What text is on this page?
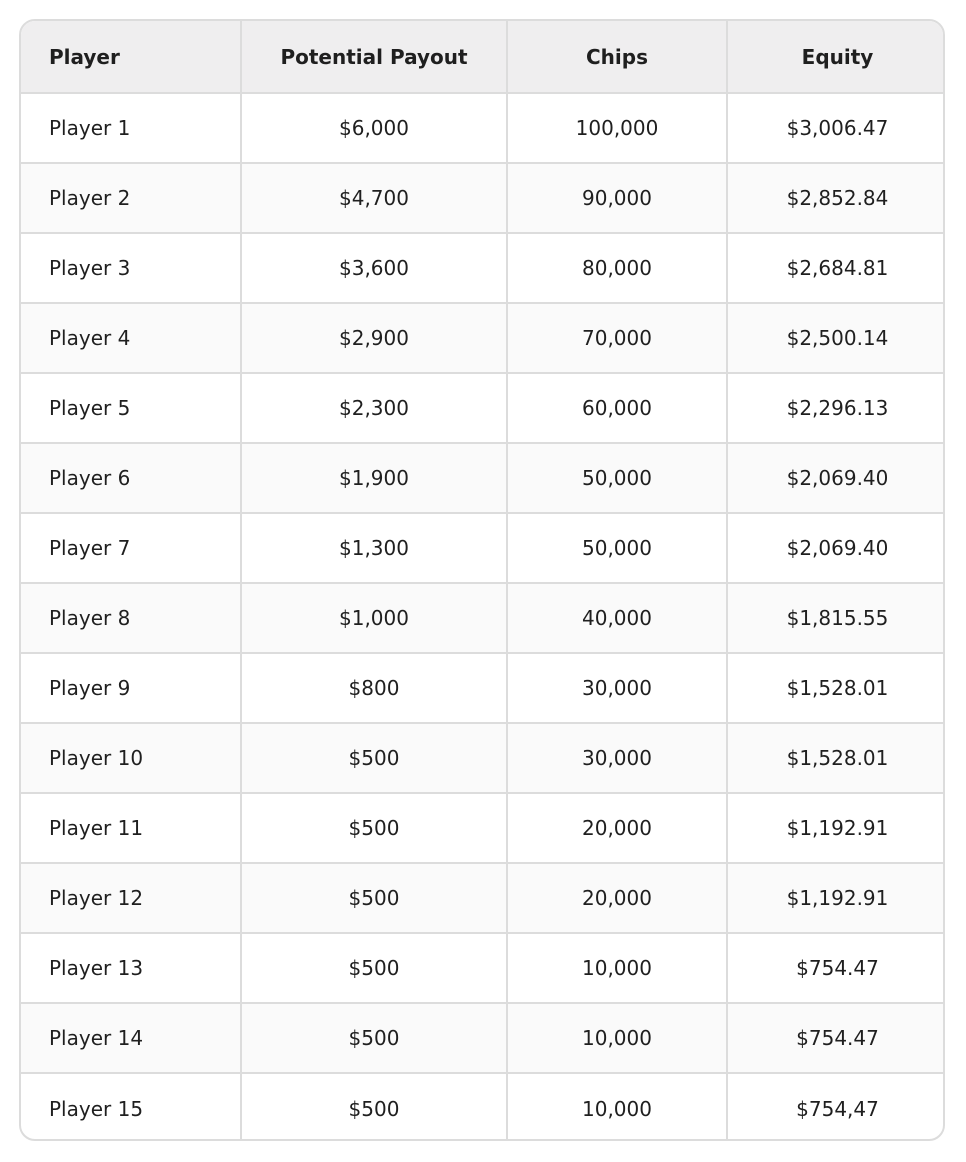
Player	Potential Payout	Chips	Equity
Player 1	$6,000	100,000	$3,006.47
Player 2	$4,700	90,000	$2,852.84
Player 3	$3,600	80,000	$2,684.81
Player 4	$2,900	70,000	$2,500.14
Player 5	$2,300	60,000	$2,296.13
Player 6	$1,900	50,000	$2,069.40
Player 7	$1,300	50,000	$2,069.40
Player 8	$1,000	40,000	$1,815.55
Player 9	$800	30,000	$1,528.01
Player 10	$500	30,000	$1,528.01
Player 11	$500	20,000	$1,192.91
Player 12	$500	20,000	$1,192.91
Player 13	$500	10,000	$754.47
Player 14	$500	10,000	$754.47
Player 15	$500	10,000	$754,47
